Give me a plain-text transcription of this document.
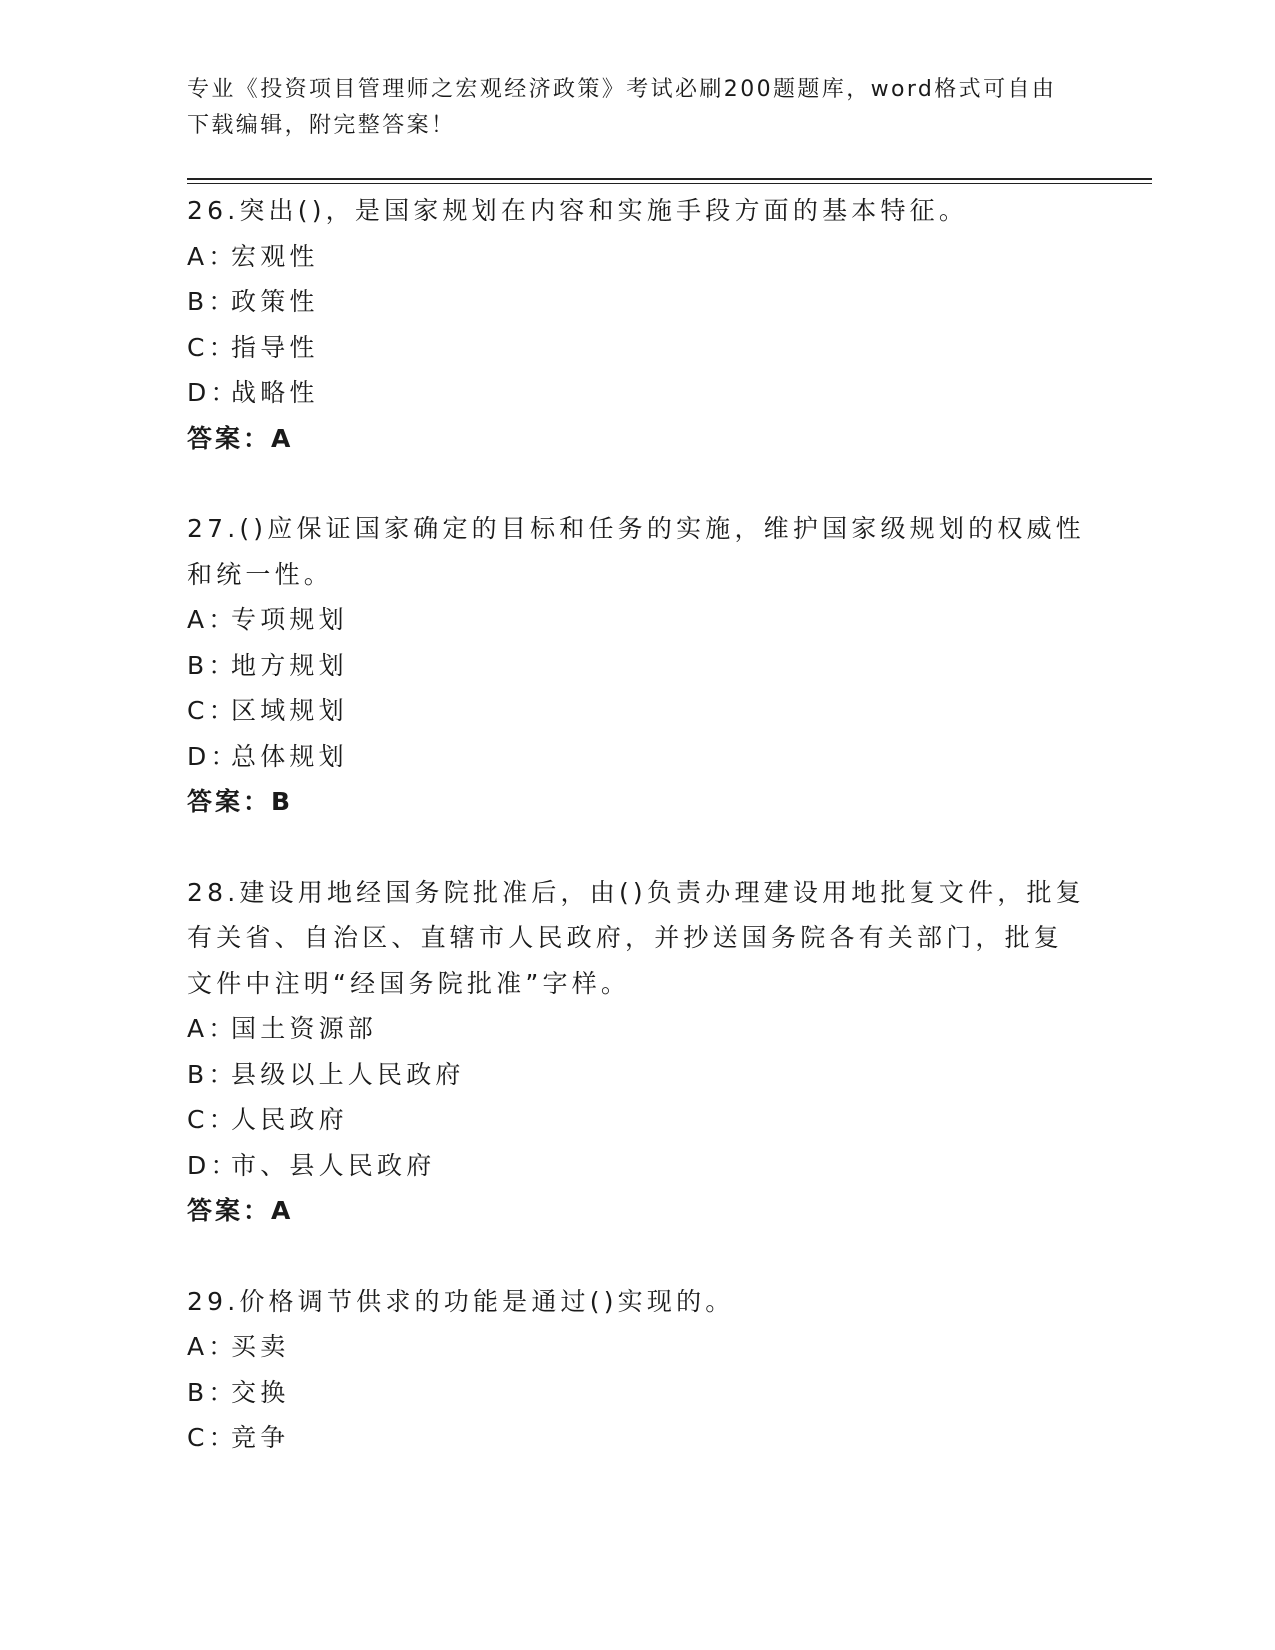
专业《投资项目管理师之宏观经济政策》考试必刷200题题库，word格式可自由
下载编辑，附完整答案！
26.突出()，是国家规划在内容和实施手段方面的基本特征。
A：宏观性
B：政策性
C：指导性
D：战略性
答案：A
27.()应保证国家确定的目标和任务的实施，维护国家级规划的权威性
和统一性。
A：专项规划
B：地方规划
C：区域规划
D：总体规划
答案：B
28.建设用地经国务院批准后，由()负责办理建设用地批复文件，批复
有关省、自治区、直辖市人民政府，并抄送国务院各有关部门，批复
文件中注明“经国务院批准”字样。
A：国土资源部
B：县级以上人民政府
C：人民政府
D：市、县人民政府
答案：A
29.价格调节供求的功能是通过()实现的。
A：买卖
B：交换
C：竞争
